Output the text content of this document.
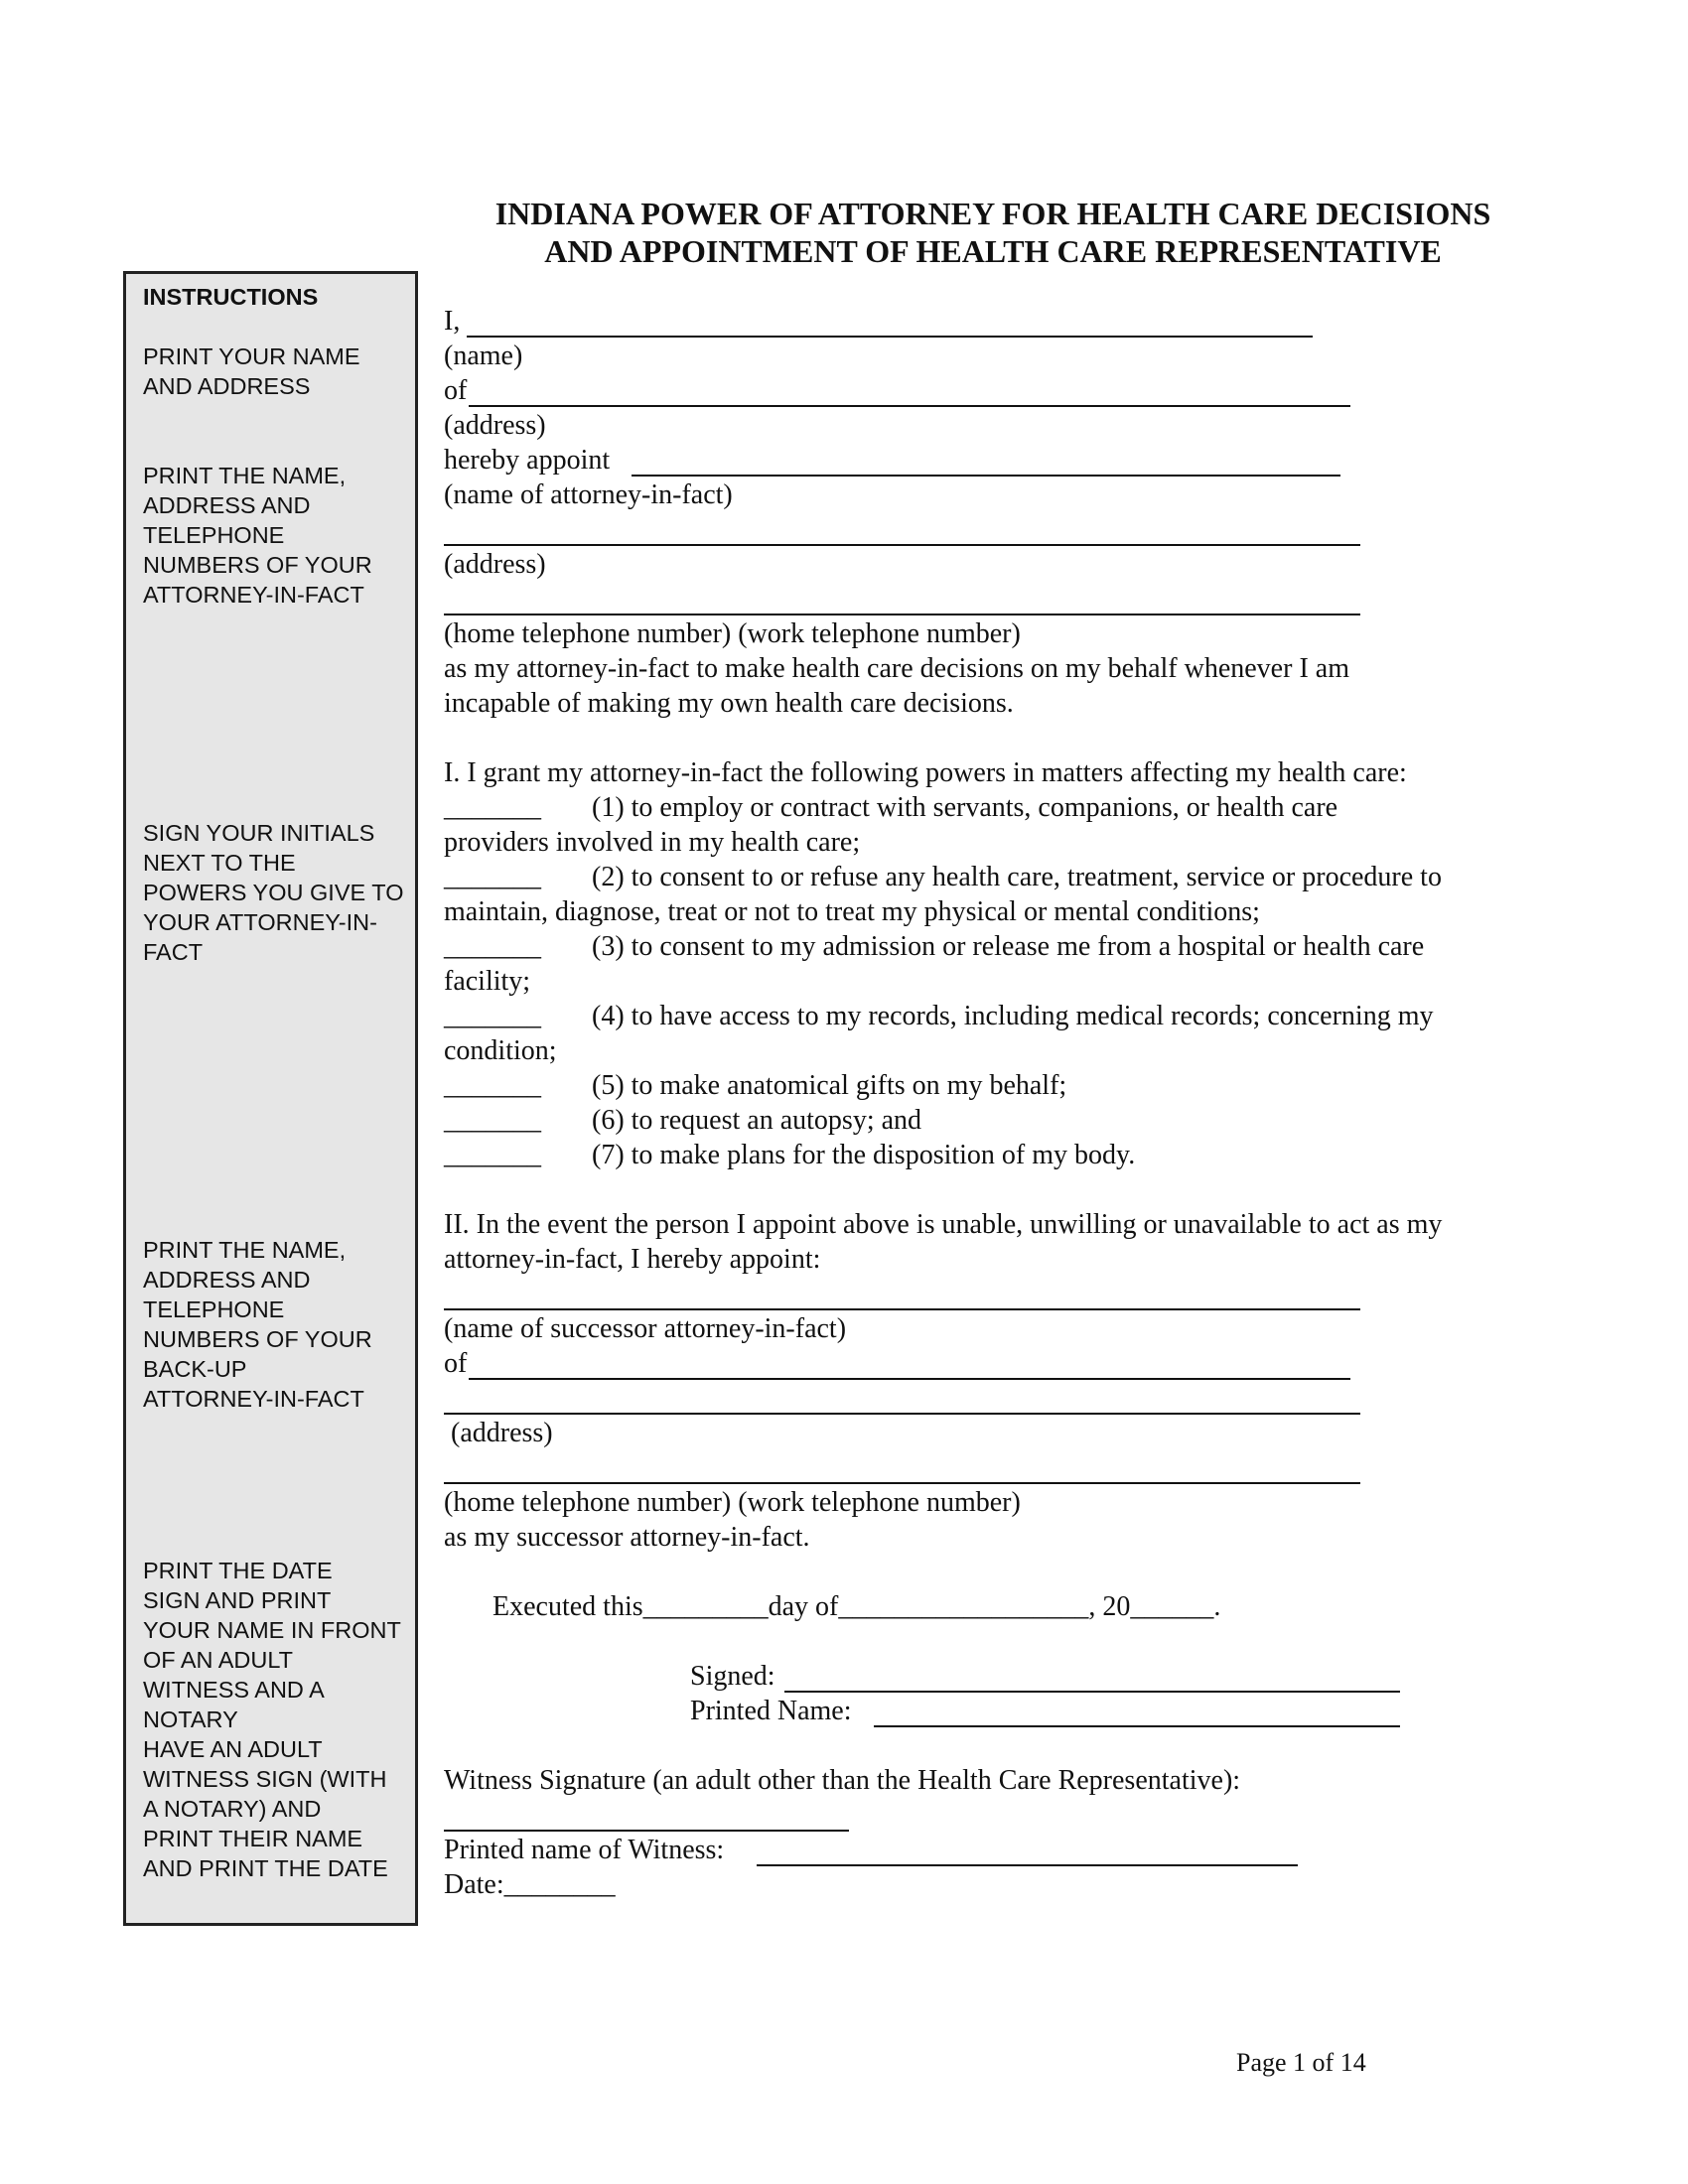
INDIANA POWER OF ATTORNEY FOR HEALTH CARE DECISIONS

AND APPOINTMENT OF HEALTH CARE REPRESENTATIVE

INSTRUCTIONS

PRINT YOUR NAME
AND ADDRESS

PRINT THE NAME,
ADDRESS AND
TELEPHONE
NUMBERS OF YOUR
ATTORNEY-IN-FACT

SIGN YOUR INITIALS
NEXT TO THE
POWERS YOU GIVE TO
YOUR ATTORNEY-IN-
FACT

PRINT THE NAME,
ADDRESS AND
TELEPHONE
NUMBERS OF YOUR
BACK-UP
ATTORNEY-IN-FACT

PRINT THE DATE
SIGN AND PRINT
YOUR NAME IN FRONT
OF AN ADULT
WITNESS AND A
NOTARY
HAVE AN ADULT
WITNESS SIGN (WITH
A NOTARY) AND
PRINT THEIR NAME
AND PRINT THE DATE

I,

(name)

of

(address)

hereby appoint

(name of attorney-in-fact)

(address)

(home telephone number) (work telephone number)

as my attorney-in-fact to make health care decisions on my behalf whenever I am

incapable of making my own health care decisions.

I. I grant my attorney-in-fact the following powers in matters affecting my health care:

_______ (1) to employ or contract with servants, companions, or health care

providers involved in my health care;

_______ (2) to consent to or refuse any health care, treatment, service or procedure to

maintain, diagnose, treat or not to treat my physical or mental conditions;

_______ (3) to consent to my admission or release me from a hospital or health care

facility;

_______ (4) to have access to my records, including medical records; concerning my

condition;

_______ (5) to make anatomical gifts on my behalf;

_______ (6) to request an autopsy; and

_______ (7) to make plans for the disposition of my body.

II. In the event the person I appoint above is unable, unwilling or unavailable to act as my

attorney-in-fact, I hereby appoint:

(name of successor attorney-in-fact)

of

(address)

(home telephone number) (work telephone number)

as my successor attorney-in-fact.

Executed this_________day of__________________, 20______.

Signed:

Printed Name:

Witness Signature (an adult other than the Health Care Representative):

Printed name of Witness:

Date:________

Page 1 of 14
